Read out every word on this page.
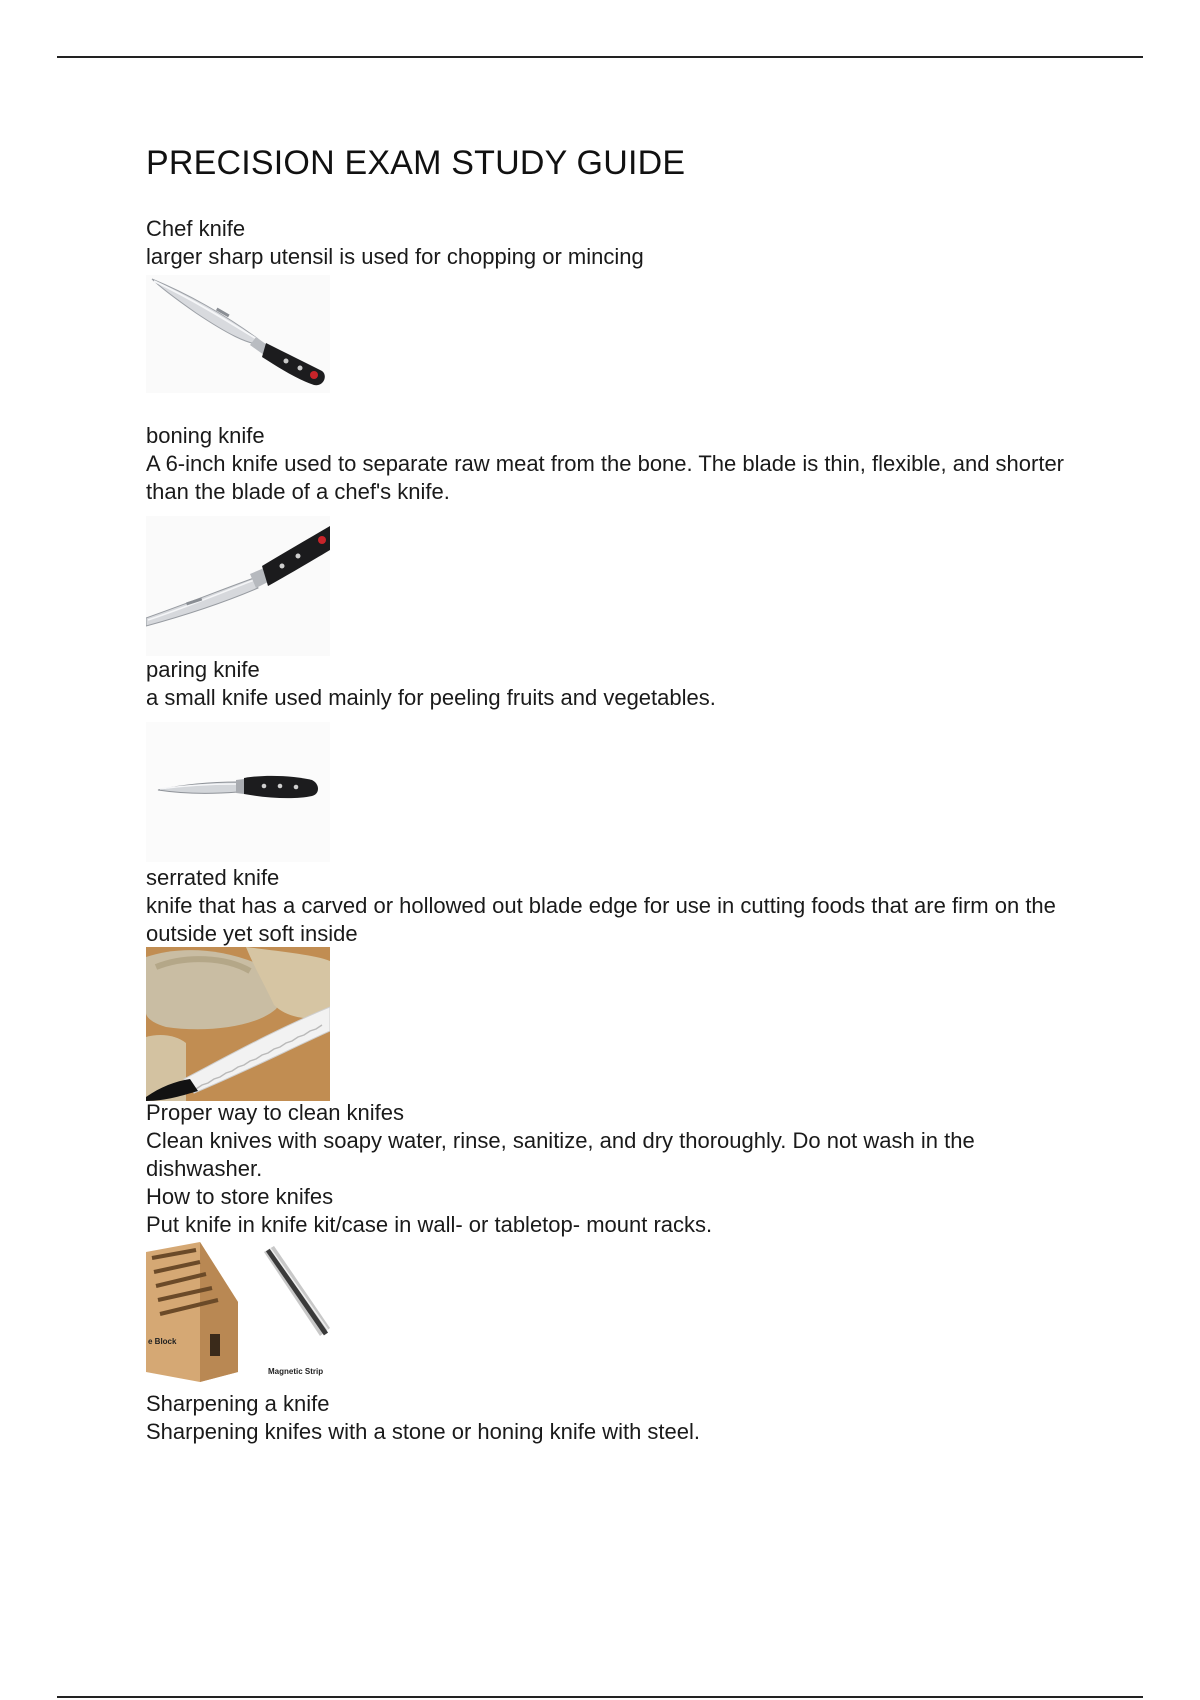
PRECISION EXAM STUDY GUIDE

Chef knife

larger sharp utensil is used for chopping or mincing

boning knife

A 6-inch knife used to separate raw meat from the bone. The blade is thin, flexible, and shorter than the blade of a chef's knife.

paring knife

a small knife used mainly for peeling fruits and vegetables.

serrated knife

knife that has a carved or hollowed out blade edge for use in cutting foods that are firm on the outside yet soft inside

Proper way to clean knifes

Clean knives with soapy water, rinse, sanitize, and dry thoroughly. Do not wash in the dishwasher.

How to store knifes

Put knife in knife kit/case in wall- or tabletop- mount racks.

e Block
Magnetic Strip

Sharpening a knife

Sharpening knifes with a stone or honing knife with steel.
